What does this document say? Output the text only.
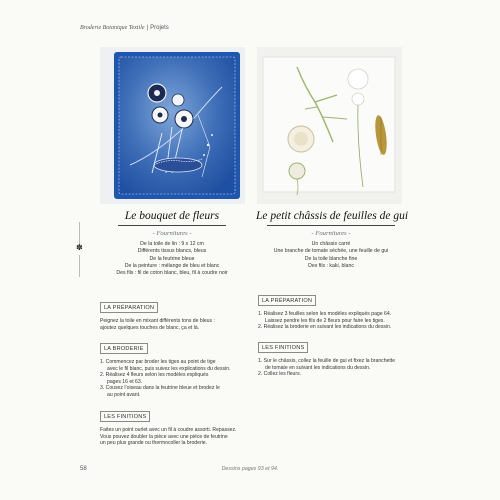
Broderie Botanique Textile | Projets
✽
Le bouquet de fleurs
- Fournitures -
De la toile de lin : 9 x 12 cm
Différents tissus blancs, bleus
De la feutrine bleue
De la peinture : mélange de bleu et blanc
Des fils : fil de coton blanc, bleu, fil à coudre noir
Le petit châssis de feuilles de gui
- Fournitures -
Un châssis carré
Une branche de tomate séchée, une feuille de gui
De la toile blanche fine
Des fils : kaki, blanc
LA PRÉPARATION
Peignez la toile en mixant différents tons de bleus :
ajoutez quelques touches de blanc, ça et là.
LA BRODERIE
1. Commencez par broder les tiges au point de tige
avec le fil blanc, puis suivez les explications du dessin.
2. Réalisez 4 fleurs selon les modèles expliqués
pages 16 et 63.
3. Cousez l’oiseau dans la feutrine bleue et brodez le
au point avant.
LES FINITIONS
Faites un point ourlet avec un fil à coudre assorti. Repassez.
Vous pouvez doubler la pièce avec une pièce de feutrine
un peu plus grande ou thermocoller la broderie.
LA PRÉPARATION
1. Réalisez 3 feuilles selon les modèles expliqués page 64.
Laissez pendre les fils de 2 fleurs pour faire les tiges.
2. Réalisez la broderie en suivant les indications du dessin.
LES FINITIONS
1. Sur le châssis, collez la feuille de gui et fixez la branchette
de tomate en suivant les indications du dessin.
2. Collez les fleurs.
58	Dessins pages 93 et 94.
